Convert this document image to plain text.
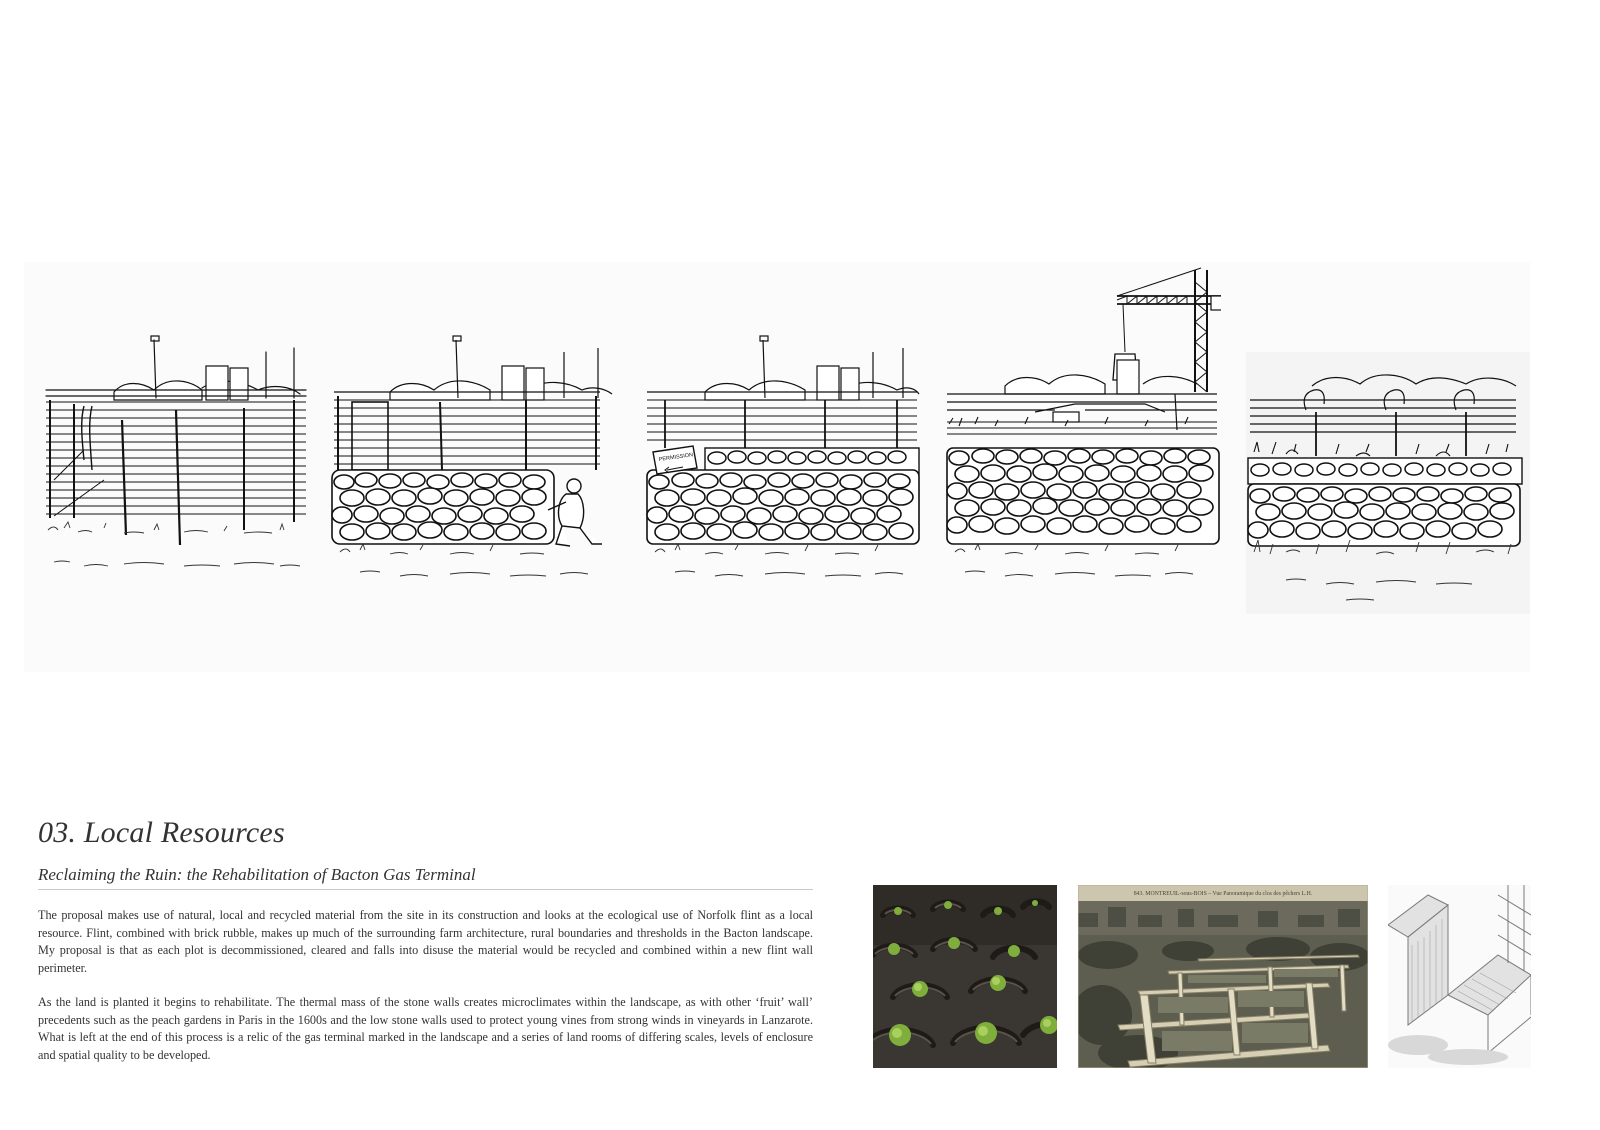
PERMISSION
03. Local Resources
Reclaiming the Ruin: the Rehabilitation of Bacton Gas Terminal

The proposal makes use of natural, local and recycled material from the site in its construction and looks at the ecological use of Norfolk flint as a local resource. Flint, combined with brick rubble, makes up much of the surrounding farm architecture, rural boundaries and thresholds in the Bacton landscape. My proposal is that as each plot is decommissioned, cleared and falls into disuse the material would be recycled and combined within a new flint wall perimeter.

As the land is planted it begins to rehabilitate. The thermal mass of the stone walls creates microclimates within the landscape, as with other ‘fruit’ wall’ precedents such as the peach gardens in Paris in the 1600s and the low stone walls used to protect young vines from strong winds in vineyards in Lanzarote. What is left at the end of this process is a relic of the gas terminal marked in the landscape and a series of land rooms of differing scales, levels of enclosure and spatial quality to be developed.

843. MONTREUIL-sous-BOIS – Vue Panoramique du clos des pêchers L.H.
